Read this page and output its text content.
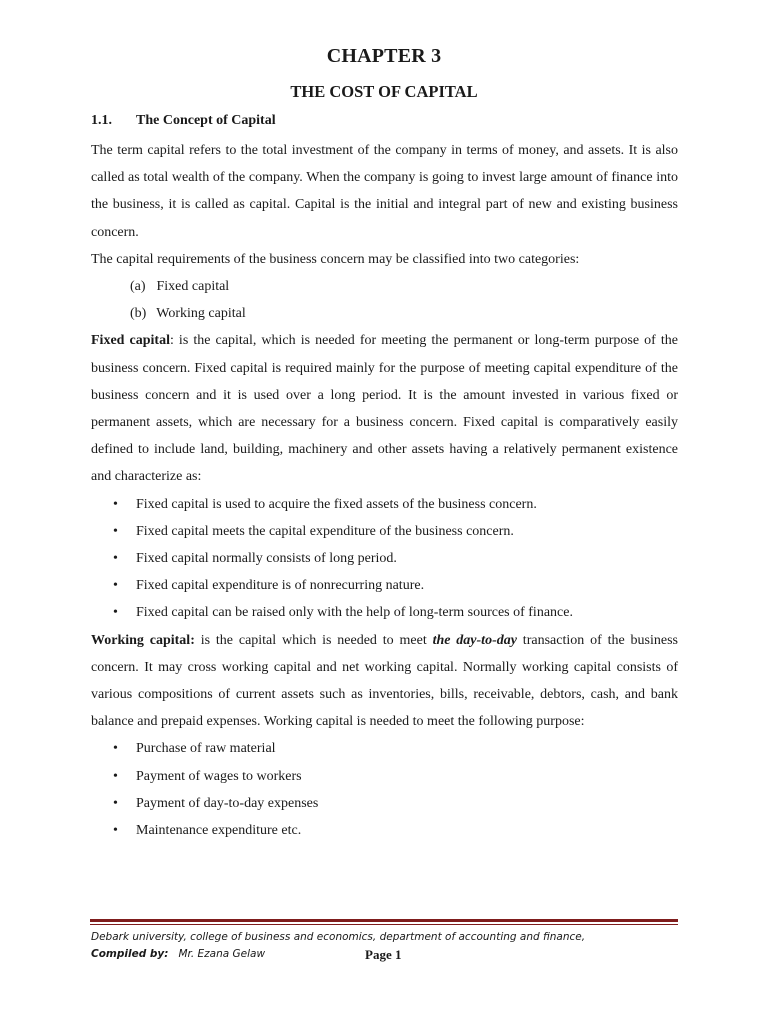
CHAPTER 3
THE COST OF CAPITAL
1.1. The Concept of Capital

The term capital refers to the total investment of the company in terms of money, and assets. It is also called as total wealth of the company. When the company is going to invest large amount of finance into the business, it is called as capital. Capital is the initial and integral part of new and existing business concern.

The capital requirements of the business concern may be classified into two categories:

(a) Fixed capital
(b) Working capital

Fixed capital: is the capital, which is needed for meeting the permanent or long-term purpose of the business concern. Fixed capital is required mainly for the purpose of meeting capital expenditure of the business concern and it is used over a long period. It is the amount invested in various fixed or permanent assets, which are necessary for a business concern. Fixed capital is comparatively easily defined to include land, building, machinery and other assets having a relatively permanent existence and characterize as:

• Fixed capital is used to acquire the fixed assets of the business concern.
• Fixed capital meets the capital expenditure of the business concern.
• Fixed capital normally consists of long period.
• Fixed capital expenditure is of nonrecurring nature.
• Fixed capital can be raised only with the help of long-term sources of finance.

Working capital: is the capital which is needed to meet the day-to-day transaction of the business concern. It may cross working capital and net working capital. Normally working capital consists of various compositions of current assets such as inventories, bills, receivable, debtors, cash, and bank balance and prepaid expenses. Working capital is needed to meet the following purpose:

• Purchase of raw material
• Payment of wages to workers
• Payment of day-to-day expenses
• Maintenance expenditure etc.
Debark university, college of business and economics, department of accounting and finance,
Compiled by: Mr. Ezana Gelaw	Page 1
